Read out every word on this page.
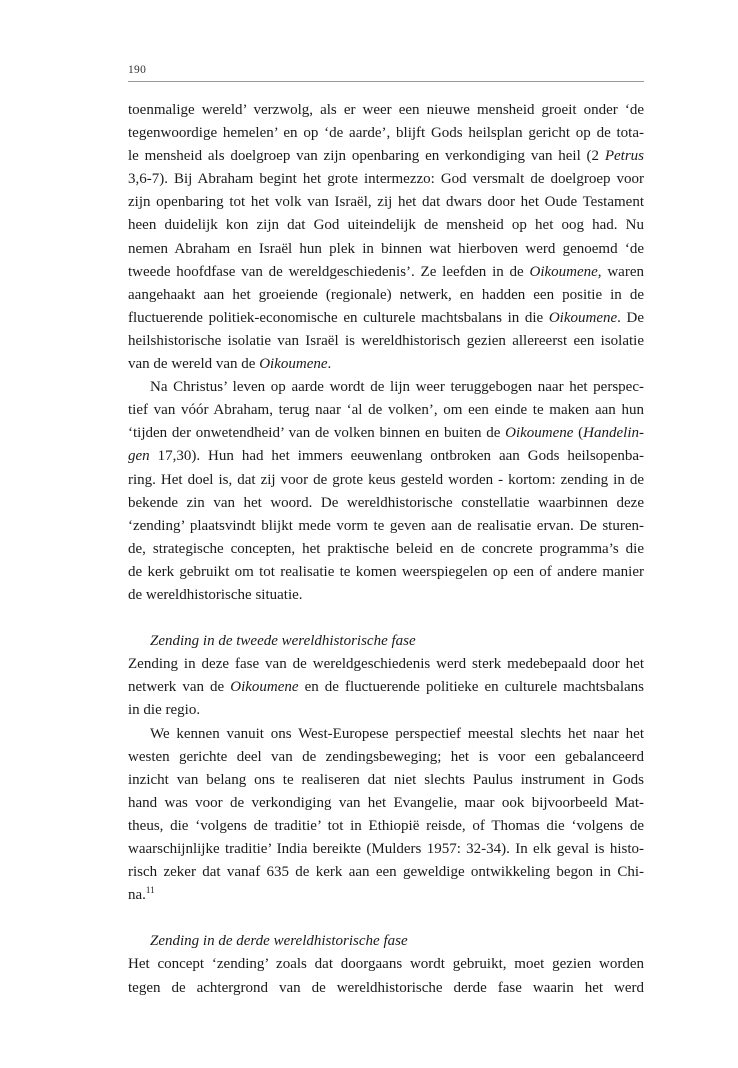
190
toenmalige wereld’ verzwolg, als er weer een nieuwe mensheid groeit onder ‘de
tegenwoordige hemelen’ en op ‘de aarde’, blijft Gods heilsplan gericht op de tota-
le mensheid als doelgroep van zijn openbaring en verkondiging van heil (2 Petrus
3,6-7). Bij Abraham begint het grote intermezzo: God versmalt de doelgroep voor
zijn openbaring tot het volk van Israël, zij het dat dwars door het Oude Testament
heen duidelijk kon zijn dat God uiteindelijk de mensheid op het oog had. Nu
nemen Abraham en Israël hun plek in binnen wat hierboven werd genoemd ‘de
tweede hoofdfase van de wereldgeschiedenis’. Ze leefden in de Oikoumene, waren
aangehaakt aan het groeiende (regionale) netwerk, en hadden een positie in de
fluctuerende politiek-economische en culturele machtsbalans in die Oikoumene. De
heilshistorische isolatie van Israël is wereldhistorisch gezien allereerst een isolatie
van de wereld van de Oikoumene.
Na Christus’ leven op aarde wordt de lijn weer teruggebogen naar het perspec-
tief van vóór Abraham, terug naar ‘al de volken’, om een einde te maken aan hun
‘tijden der onwetendheid’ van de volken binnen en buiten de Oikoumene (Handelin-
gen 17,30). Hun had het immers eeuwenlang ontbroken aan Gods heilsopenba-
ring. Het doel is, dat zij voor de grote keus gesteld worden - kortom: zending in de
bekende zin van het woord. De wereldhistorische constellatie waarbinnen deze
‘zending’ plaatsvindt blijkt mede vorm te geven aan de realisatie ervan. De sturen-
de, strategische concepten, het praktische beleid en de concrete programma’s die
de kerk gebruikt om tot realisatie te komen weerspiegelen op een of andere manier
de wereldhistorische situatie.
Zending in de tweede wereldhistorische fase
Zending in deze fase van de wereldgeschiedenis werd sterk medebepaald door het
netwerk van de Oikoumene en de fluctuerende politieke en culturele machtsbalans
in die regio.
We kennen vanuit ons West-Europese perspectief meestal slechts het naar het
westen gerichte deel van de zendingsbeweging; het is voor een gebalanceerd
inzicht van belang ons te realiseren dat niet slechts Paulus instrument in Gods
hand was voor de verkondiging van het Evangelie, maar ook bijvoorbeeld Mat-
theus, die ‘volgens de traditie’ tot in Ethiopië reisde, of Thomas die ‘volgens de
waarschijnlijke traditie’ India bereikte (Mulders 1957: 32-34). In elk geval is histo-
risch zeker dat vanaf 635 de kerk aan een geweldige ontwikkeling begon in Chi-
na.$^{11}$
Zending in de derde wereldhistorische fase
Het concept ‘zending’ zoals dat doorgaans wordt gebruikt, moet gezien worden
tegen de achtergrond van de wereldhistorische derde fase waarin het werd
